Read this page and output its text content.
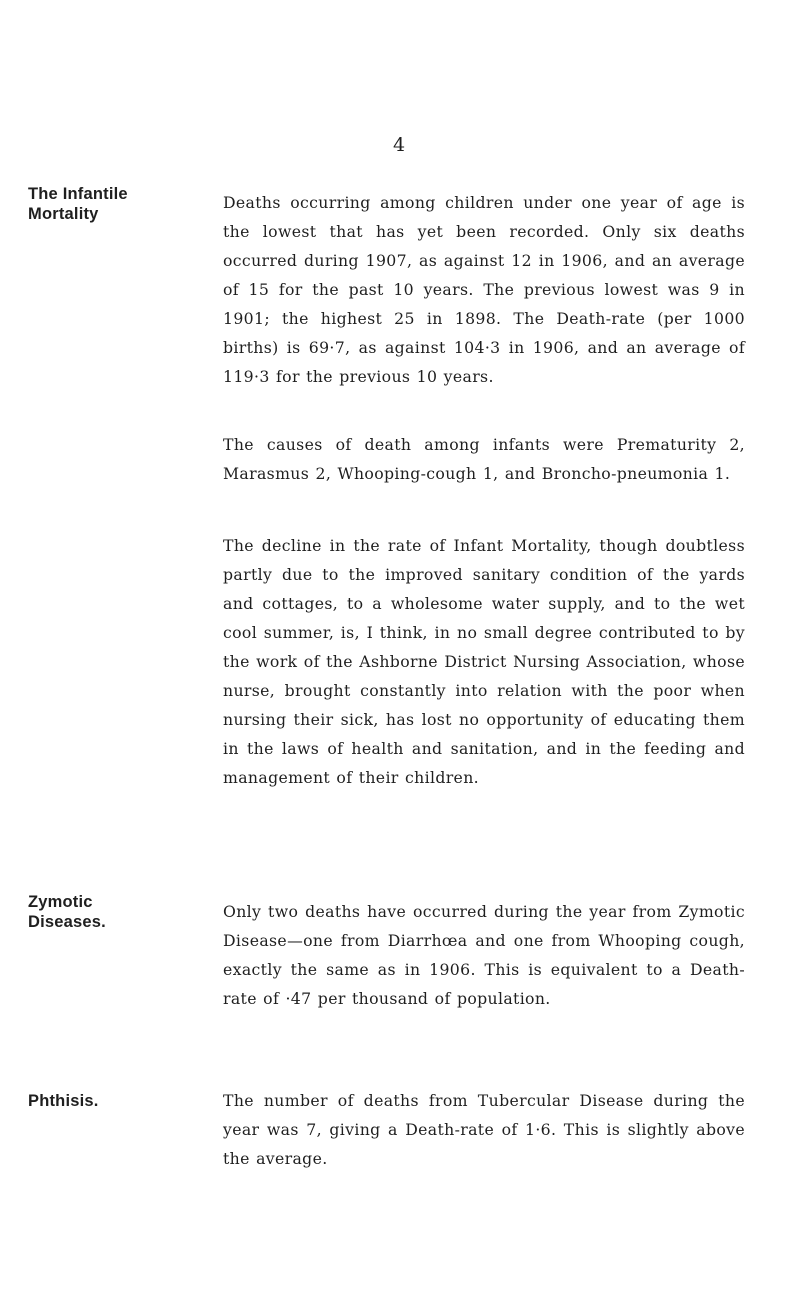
4

The Infantile
Mortality

Deaths occurring among children under one year of age is the lowest that has yet been recorded. Only six deaths occurred during 1907, as against 12 in 1906, and an average of 15 for the past 10 years. The previous lowest was 9 in 1901; the highest 25 in 1898. The Death-rate (per 1000 births) is 69·7, as against 104·3 in 1906, and an average of 119·3 for the previous 10 years.

The causes of death among infants were Prematurity 2, Marasmus 2, Whooping-cough 1, and Broncho-pneumonia 1.

The decline in the rate of Infant Mortality, though doubtless partly due to the improved sanitary condition of the yards and cottages, to a wholesome water supply, and to the wet cool summer, is, I think, in no small degree contributed to by the work of the Ashborne District Nursing Association, whose nurse, brought constantly into relation with the poor when nursing their sick, has lost no opportunity of educating them in the laws of health and sanitation, and in the feeding and management of their children.

Zymotic
Diseases.

Only two deaths have occurred during the year from Zymotic Disease—one from Diarrhœa and one from Whooping cough, exactly the same as in 1906. This is equivalent to a Death-rate of ·47 per thousand of population.

Phthisis.	The number of deaths from Tubercular Disease during the year was 7, giving a Death-rate of 1·6. This is slightly above the average.
